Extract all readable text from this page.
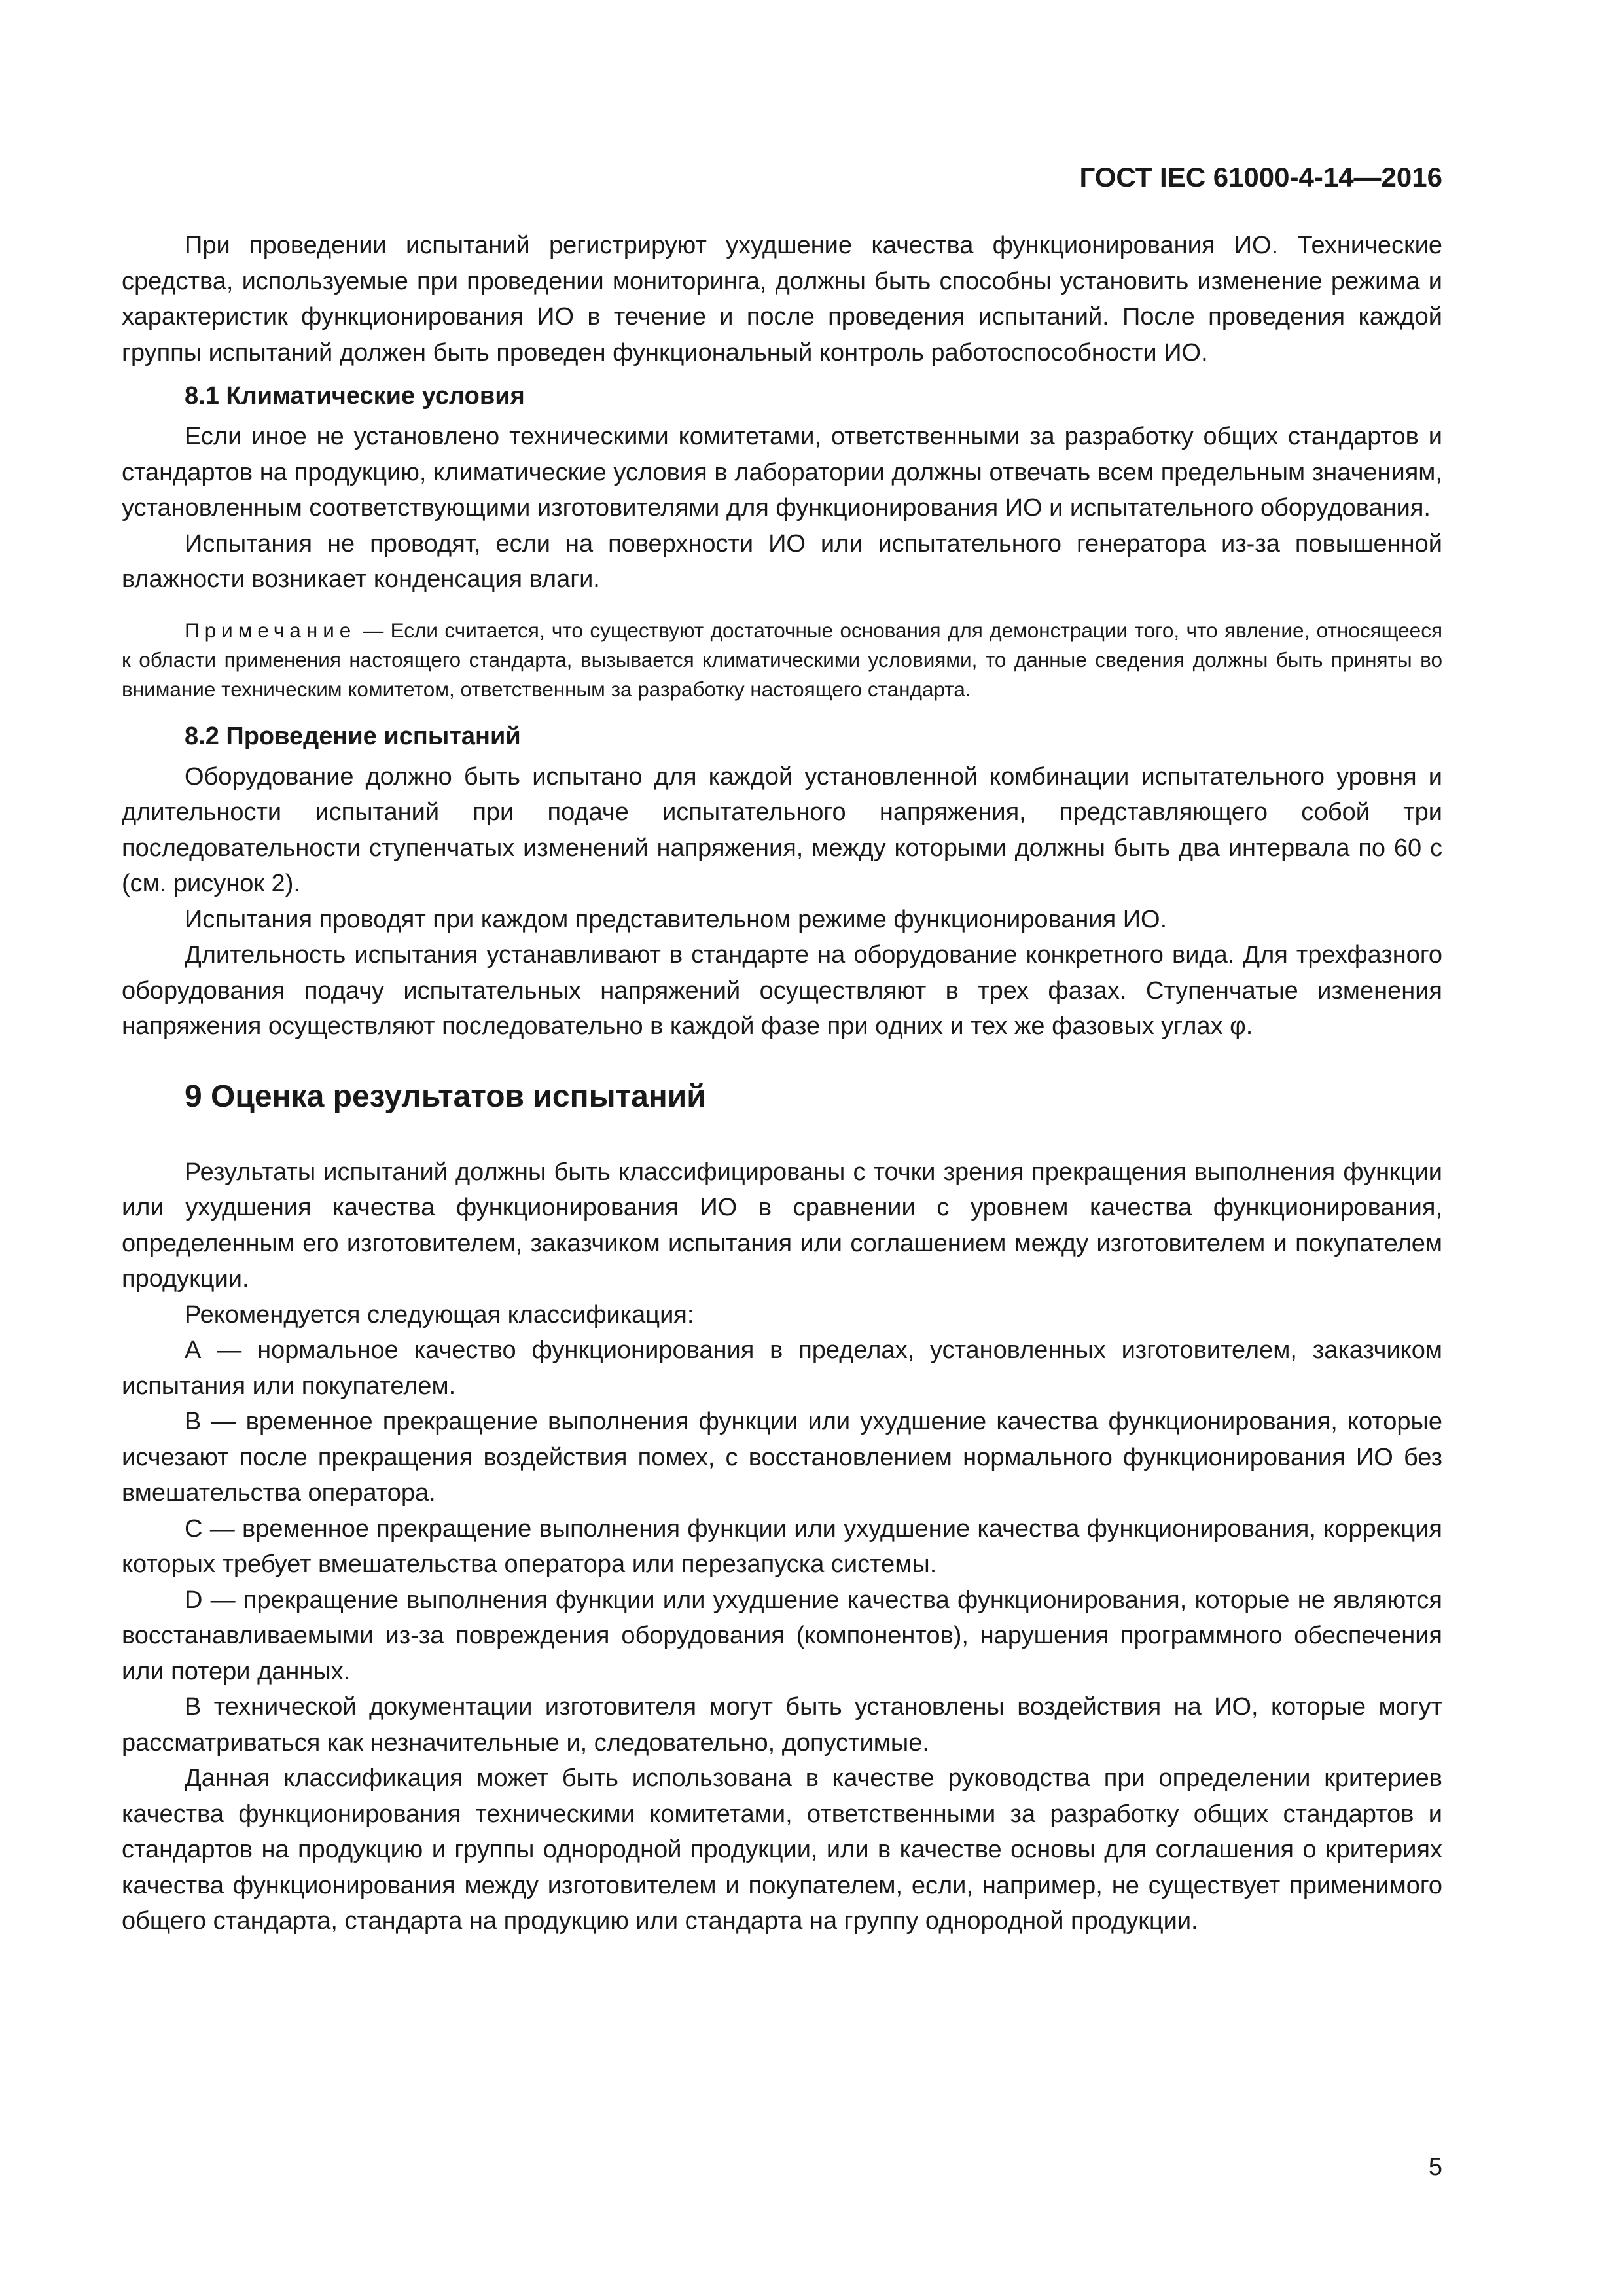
ГОСТ IEC 61000-4-14—2016

При проведении испытаний регистрируют ухудшение качества функционирования ИО. Технические средства, используемые при проведении мониторинга, должны быть способны установить изменение режима и характеристик функционирования ИО в течение и после проведения испытаний. После проведения каждой группы испытаний должен быть проведен функциональный контроль работоспособности ИО.

8.1 Климатические условия

Если иное не установлено техническими комитетами, ответственными за разработку общих стандартов и стандартов на продукцию, климатические условия в лаборатории должны отвечать всем предельным значениям, установленным соответствующими изготовителями для функционирования ИО и испытательного оборудования.

Испытания не проводят, если на поверхности ИО или испытательного генератора из-за повышенной влажности возникает конденсация влаги.

Примечание — Если считается, что существуют достаточные основания для демонстрации того, что явление, относящееся к области применения настоящего стандарта, вызывается климатическими условиями, то данные сведения должны быть приняты во внимание техническим комитетом, ответственным за разработку настоящего стандарта.
8.2 Проведение испытаний

Оборудование должно быть испытано для каждой установленной комбинации испытательного уровня и длительности испытаний при подаче испытательного напряжения, представляющего собой три последовательности ступенчатых изменений напряжения, между которыми должны быть два интервала по 60 с (см. рисунок 2).

Испытания проводят при каждом представительном режиме функционирования ИО.

Длительность испытания устанавливают в стандарте на оборудование конкретного вида. Для трехфазного оборудования подачу испытательных напряжений осуществляют в трех фазах. Ступенчатые изменения напряжения осуществляют последовательно в каждой фазе при одних и тех же фазовых углах φ.

9 Оценка результатов испытаний

Результаты испытаний должны быть классифицированы с точки зрения прекращения выполнения функции или ухудшения качества функционирования ИО в сравнении с уровнем качества функционирования, определенным его изготовителем, заказчиком испытания или соглашением между изготовителем и покупателем продукции.

Рекомендуется следующая классификация:

А — нормальное качество функционирования в пределах, установленных изготовителем, заказчиком испытания или покупателем.

В — временное прекращение выполнения функции или ухудшение качества функционирования, которые исчезают после прекращения воздействия помех, с восстановлением нормального функционирования ИО без вмешательства оператора.

С — временное прекращение выполнения функции или ухудшение качества функционирования, коррекция которых требует вмешательства оператора или перезапуска системы.

D — прекращение выполнения функции или ухудшение качества функционирования, которые не являются восстанавливаемыми из-за повреждения оборудования (компонентов), нарушения программного обеспечения или потери данных.

В технической документации изготовителя могут быть установлены воздействия на ИО, которые могут рассматриваться как незначительные и, следовательно, допустимые.

Данная классификация может быть использована в качестве руководства при определении критериев качества функционирования техническими комитетами, ответственными за разработку общих стандартов и стандартов на продукцию и группы однородной продукции, или в качестве основы для соглашения о критериях качества функционирования между изготовителем и покупателем, если, например, не существует применимого общего стандарта, стандарта на продукцию или стандарта на группу однородной продукции.

5
